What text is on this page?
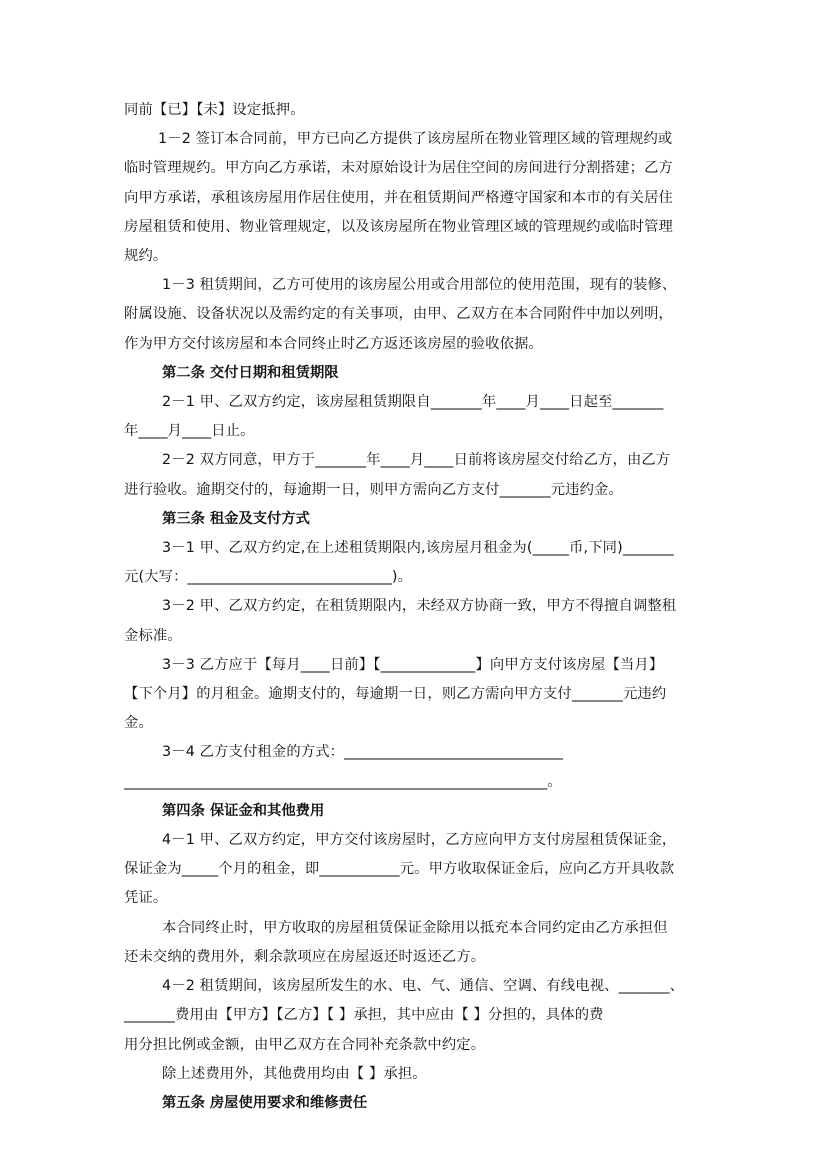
同前【已】【未】设定抵押。

1－2 签订本合同前，甲方已向乙方提供了该房屋所在物业管理区域的管理规约或

临时管理规约。甲方向乙方承诺，未对原始设计为居住空间的房间进行分割搭建；乙方

向甲方承诺，承租该房屋用作居住使用，并在租赁期间严格遵守国家和本市的有关居住

房屋租赁和使用、物业管理规定，以及该房屋所在物业管理区域的管理规约或临时管理

规约。

1－3 租赁期间，乙方可使用的该房屋公用或合用部位的使用范围，现有的装修、

附属设施、设备状况以及需约定的有关事项，由甲、乙双方在本合同附件中加以列明，

作为甲方交付该房屋和本合同终止时乙方返还该房屋的验收依据。

第二条 交付日期和租赁期限

2－1 甲、乙双方约定，该房屋租赁期限自_______年____月____日起至_______

年____月____日止。

2－2 双方同意，甲方于_______年____月____日前将该房屋交付给乙方，由乙方

进行验收。逾期交付的，每逾期一日，则甲方需向乙方支付_______元违约金。

第三条 租金及支付方式

3－1 甲、乙双方约定,在上述租赁期限内,该房屋月租金为(_____币,下同)_______

元(大写：____________________________)。

3－2 甲、乙双方约定，在租赁期限内，未经双方协商一致，甲方不得擅自调整租

金标准。

3－3 乙方应于【每月____日前】【_____________】向甲方支付该房屋【当月】

【下个月】的月租金。逾期支付的，每逾期一日，则乙方需向甲方支付_______元违约

金。

3－4 乙方支付租金的方式：______________________________

__________________________________________________________。

第四条 保证金和其他费用

4－1 甲、乙双方约定，甲方交付该房屋时，乙方应向甲方支付房屋租赁保证金，

保证金为_____个月的租金，即___________元。甲方收取保证金后，应向乙方开具收款

凭证。

本合同终止时，甲方收取的房屋租赁保证金除用以抵充本合同约定由乙方承担但

还未交纳的费用外，剩余款项应在房屋返还时返还乙方。

4－2 租赁期间，该房屋所发生的水、电、气、通信、空调、有线电视、_______、

_______费用由【甲方】【乙方】【 】承担，其中应由【 】分担的，具体的费

用分担比例或金额，由甲乙双方在合同补充条款中约定。

除上述费用外，其他费用均由【 】承担。

第五条 房屋使用要求和维修责任
